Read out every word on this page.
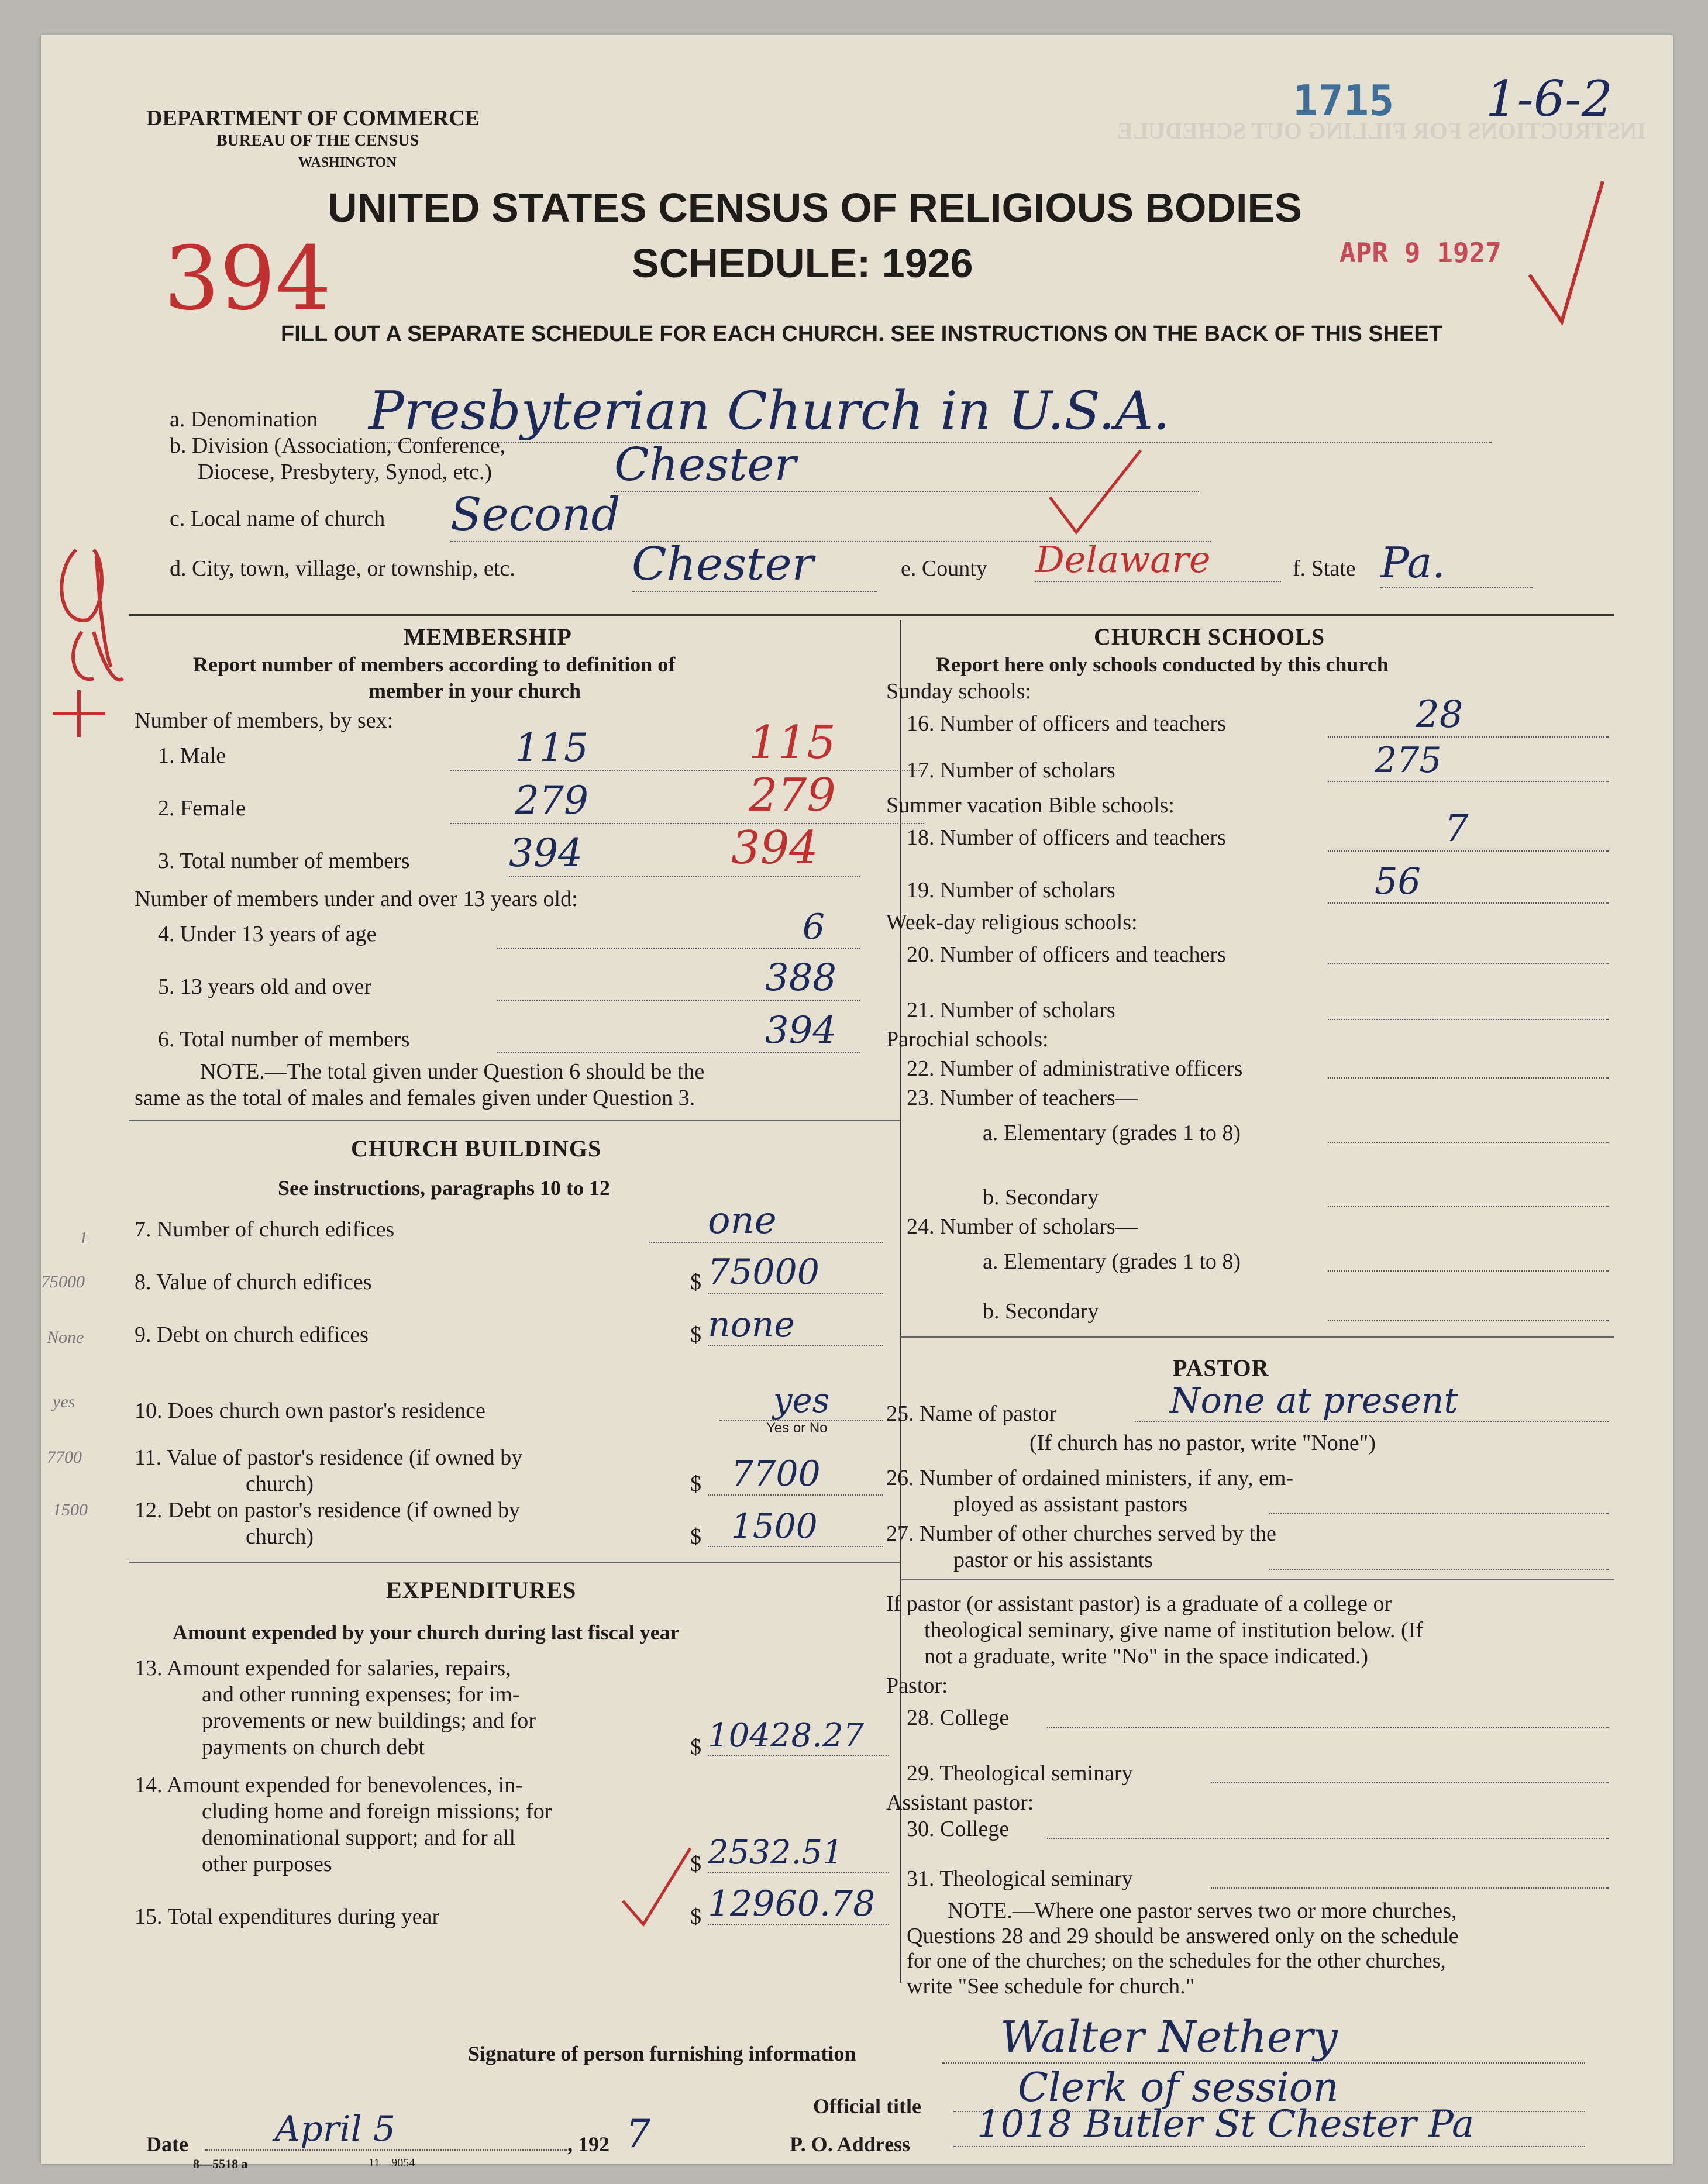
INSTRUCTIONS FOR FILLING OUT SCHEDULE
DEPARTMENT OF COMMERCE
BUREAU OF THE CENSUS
WASHINGTON
UNITED STATES CENSUS OF RELIGIOUS BODIES
SCHEDULE: 1926
FILL OUT A SEPARATE SCHEDULE FOR EACH CHURCH. SEE INSTRUCTIONS ON THE BACK OF THIS SHEET
1715 1-6-2
APR 9 1927
394
a. Denomination Presbyterian Church in U.S.A.
b. Division (Association, Conference,
Diocese, Presbytery, Synod, etc.)	Chester
c. Local name of church Second
d. City, town, village, or township, etc.	Chester	e. County Delaware	f. State Pa.
MEMBERSHIP
Report number of members according to definition of
member in your church
Number of members, by sex:
1. Male	115	115
2. Female	279	279
3. Total number of members	394	394
Number of members under and over 13 years old:
4. Under 13 years of age	6
5. 13 years old and over	388
6. Total number of members	394
NOTE.—The total given under Question 6 should be the
same as the total of males and females given under Question 3.
CHURCH BUILDINGS
See instructions, paragraphs 10 to 12
7. Number of church edifices	one
8. Value of church edifices	$ 75000
9. Debt on church edifices	$ none
10. Does church own pastor's residence	yes
Yes or No
11. Value of pastor's residence (if owned by
church)	$ 7700
12. Debt on pastor's residence (if owned by
church)	$ 1500
1
75000
None
yes
7700
1500
EXPENDITURES
Amount expended by your church during last fiscal year
13. Amount expended for salaries, repairs,
and other running expenses; for im-
provements or new buildings; and for
payments on church debt	$ 10428.27
14. Amount expended for benevolences, in-
cluding home and foreign missions; for
denominational support; and for all
other purposes	$ 2532.51
15. Total expenditures during year	$ 12960.78
CHURCH SCHOOLS
Report here only schools conducted by this church
Sunday schools:
16. Number of officers and teachers	28
17. Number of scholars	275
Summer vacation Bible schools:
18. Number of officers and teachers	7
19. Number of scholars	56
Week-day religious schools:
20. Number of officers and teachers
21. Number of scholars
Parochial schools:
22. Number of administrative officers
23. Number of teachers—
a. Elementary (grades 1 to 8)
b. Secondary
24. Number of scholars—
a. Elementary (grades 1 to 8)
b. Secondary
PASTOR
25. Name of pastor	None at present
(If church has no pastor, write "None")
26. Number of ordained ministers, if any, em-
ployed as assistant pastors
27. Number of other churches served by the
pastor or his assistants
If pastor (or assistant pastor) is a graduate of a college or
theological seminary, give name of institution below. (If
not a graduate, write "No" in the space indicated.)
Pastor:
28. College
29. Theological seminary
Assistant pastor:
30. College
31. Theological seminary
NOTE.—Where one pastor serves two or more churches,
Questions 28 and 29 should be answered only on the schedule
for one of the churches; on the schedules for the other churches,
write "See schedule for church."
Signature of person furnishing information	Walter Nethery
Official title	Clerk of session
Date	April 5	, 192 7	P. O. Address	1018 Butler St Chester Pa
8—5518 a	11—9054
